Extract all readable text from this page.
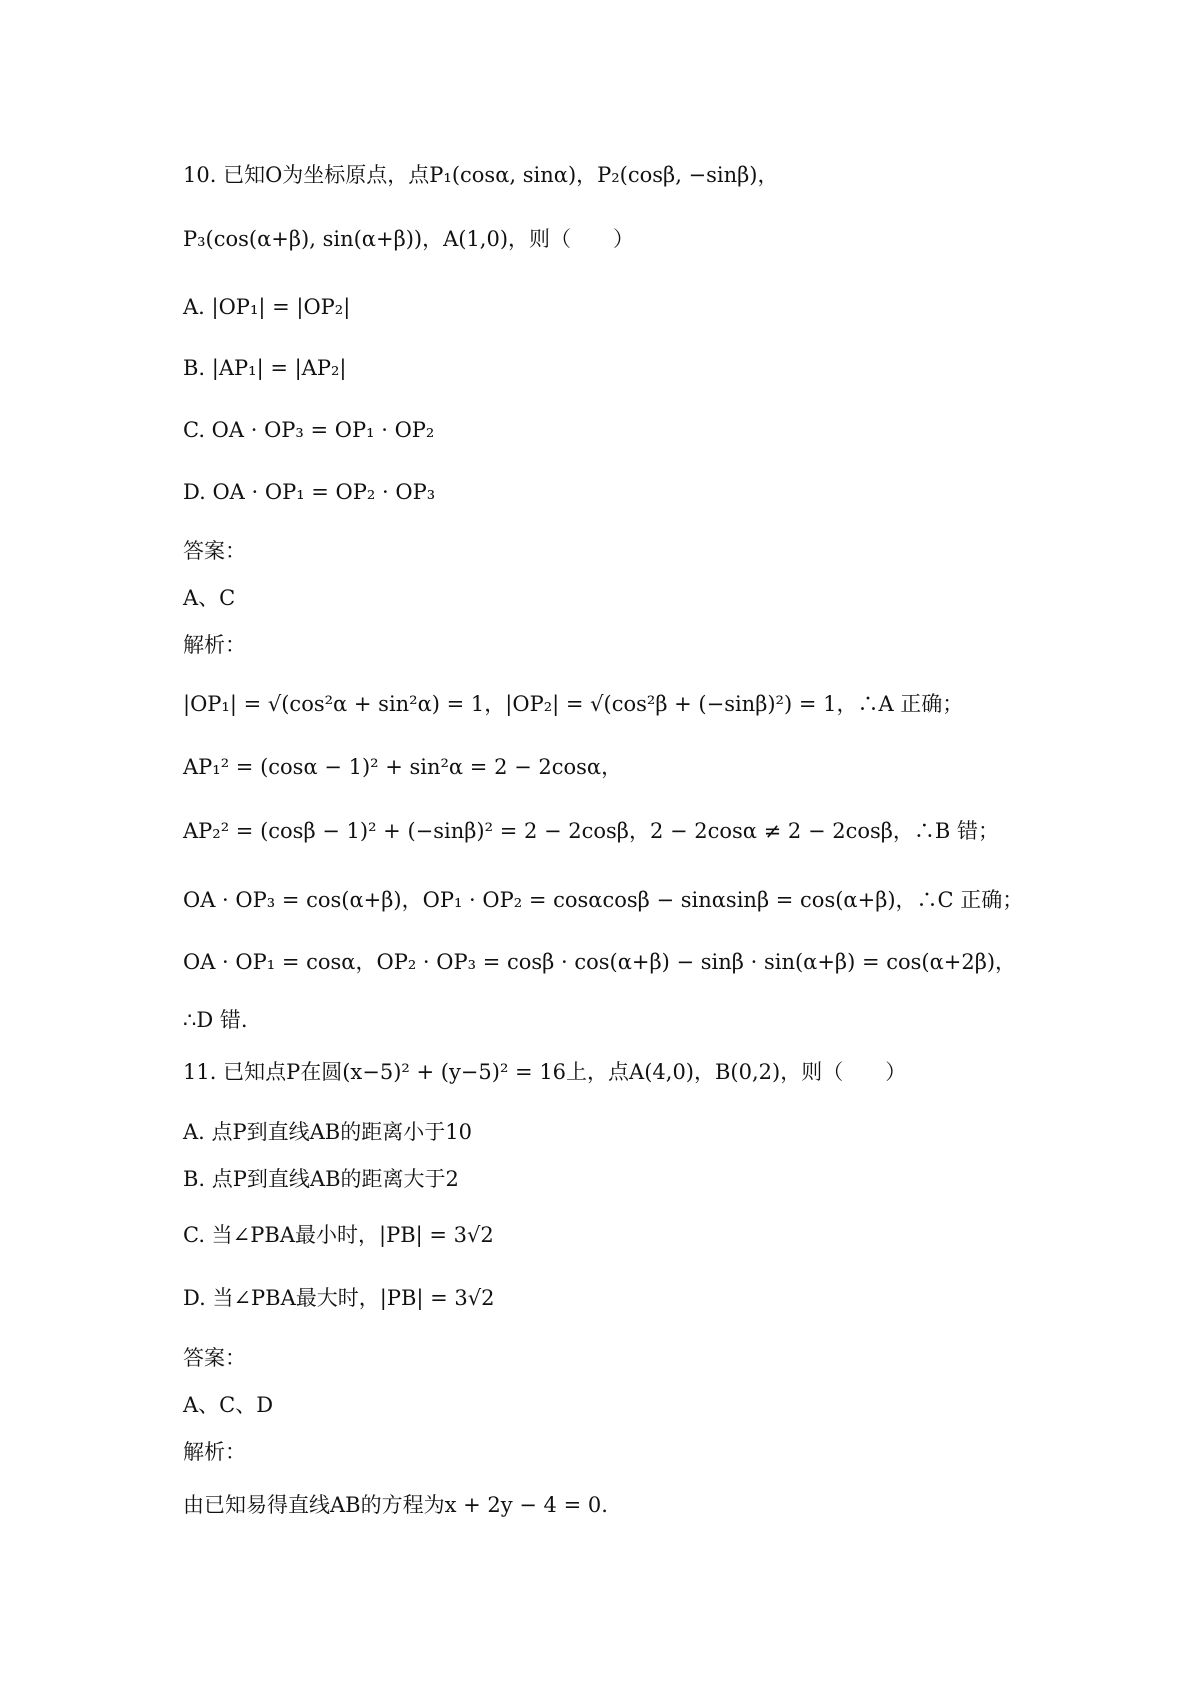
10. 已知O为坐标原点，点P₁(cosα, sinα)，P₂(cosβ, −sinβ)，
P₃(cos(α+β), sin(α+β))，A(1,0)，则（　　）
A. |OP₁| = |OP₂|
B. |AP₁| = |AP₂|
C. OA · OP₃ = OP₁ · OP₂
D. OA · OP₁ = OP₂ · OP₃
答案：
A、C
解析：
|OP₁| = √(cos²α + sin²α) = 1，|OP₂| = √(cos²β + (−sinβ)²) = 1，∴A 正确；
AP₁² = (cosα − 1)² + sin²α = 2 − 2cosα，
AP₂² = (cosβ − 1)² + (−sinβ)² = 2 − 2cosβ，2 − 2cosα ≠ 2 − 2cosβ，∴B 错；
OA · OP₃ = cos(α+β)，OP₁ · OP₂ = cosαcosβ − sinαsinβ = cos(α+β)，∴C 正确；
OA · OP₁ = cosα，OP₂ · OP₃ = cosβ · cos(α+β) − sinβ · sin(α+β) = cos(α+2β)，
∴D 错.
11. 已知点P在圆(x−5)² + (y−5)² = 16上，点A(4,0)，B(0,2)，则（　　）
A. 点P到直线AB的距离小于10
B. 点P到直线AB的距离大于2
C. 当∠PBA最小时，|PB| = 3√2
D. 当∠PBA最大时，|PB| = 3√2
答案：
A、C、D
解析：
由已知易得直线AB的方程为x + 2y − 4 = 0.
